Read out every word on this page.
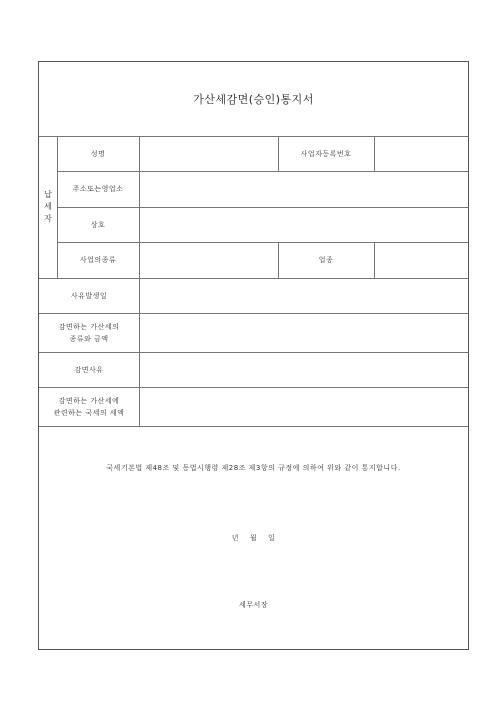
가산세감면(승인)통지서
납
세
자
성명	사업자등록번호
주소또는영업소
상호
사업의종류	업종
사유발생일
감면하는 가산세의
종류와 금액
감면사유
감면하는 가산세에
관련하는 국세의 세액
국세기본법 제48조 및 동법시행령 제28조 제3항의 규정에 의하여 위와 같이 통지합니다.
년    월    일
세무서장
